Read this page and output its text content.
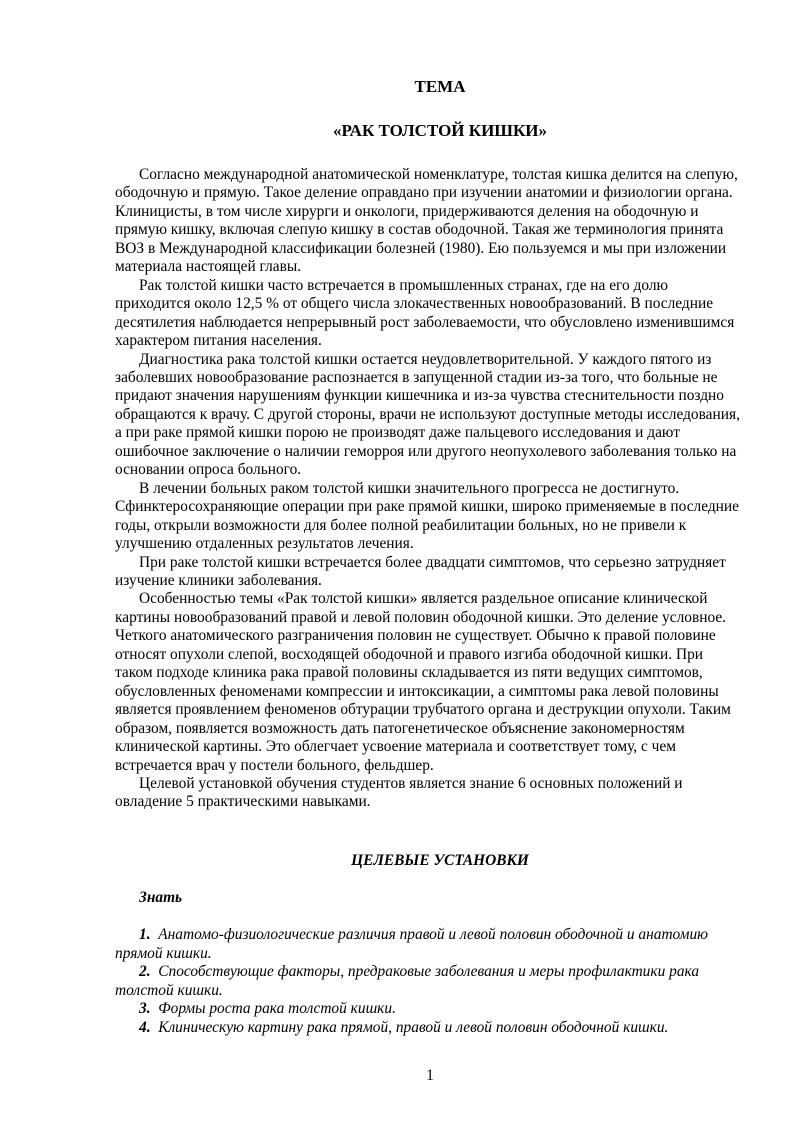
ТЕМА
«РАК ТОЛСТОЙ КИШКИ»

Согласно международной анатомической номенклатуре, толстая кишка делится на слепую, ободочную и прямую. Такое деление оправдано при изучении анатомии и физиологии органа. Клиницисты, в том числе хирурги и онкологи, придерживаются деления на ободочную и прямую кишку, включая слепую кишку в состав ободочной. Такая же терминология принята ВОЗ в Международной классификации болезней (1980). Ею пользуемся и мы при изложении материала настоящей главы.

Рак толстой кишки часто встречается в промышленных странах, где на его долю приходится около 12,5 % от общего числа злокачественных новообразований. В последние десятилетия наблюдается непрерывный рост заболеваемости, что обусловлено изменившимся характером питания населения.

Диагностика рака толстой кишки остается неудовлетворительной. У каждого пятого из заболевших новообразование распознается в запущенной стадии из-за того, что больные не придают значения нарушениям функции кишечника и из-за чувства стеснительности поздно обращаются к врачу. С другой стороны, врачи не используют доступные методы исследования, а при раке прямой кишки порою не производят даже пальцевого исследования и дают ошибочное заключение о наличии геморроя или другого неопухолевого заболевания только на основании опроса больного.

В лечении больных раком толстой кишки значительного прогресса не достигнуто. Сфинктеросохраняющие операции при раке прямой кишки, широко применяемые в последние годы, открыли возможности для более полной реабилитации больных, но не привели к улучшению отдаленных результатов лечения.

При раке толстой кишки встречается более двадцати симптомов, что серьезно затрудняет изучение клиники заболевания.

Особенностью темы «Рак толстой кишки» является раздельное описание клинической картины новообразований правой и левой половин ободочной кишки. Это деление условное. Четкого анатомического разграничения половин не существует. Обычно к правой половине относят опухоли слепой, восходящей ободочной и правого изгиба ободочной кишки. При таком подходе клиника рака правой половины складывается из пяти ведущих симптомов, обусловленных феноменами компрессии и интоксикации, а симптомы рака левой половины является проявлением феноменов обтурации трубчатого органа и деструкции опухоли. Таким образом, появляется возможность дать патогенетическое объяснение закономерностям клинической картины. Это облегчает усвоение материала и соответствует тому, с чем встречается врач у постели больного, фельдшер.

Целевой установкой обучения студентов является знание 6 основных положений и овладение 5 практическими навыками.

ЦЕЛЕВЫЕ УСТАНОВКИ
Знать

1. Анатомо-физиологические различия правой и левой половин ободочной и анатомию прямой кишки.

2. Способствующие факторы, предраковые заболевания и меры профилактики рака толстой кишки.

3. Формы роста рака толстой кишки.

4. Клиническую картину рака прямой, правой и левой половин ободочной кишки.

1
